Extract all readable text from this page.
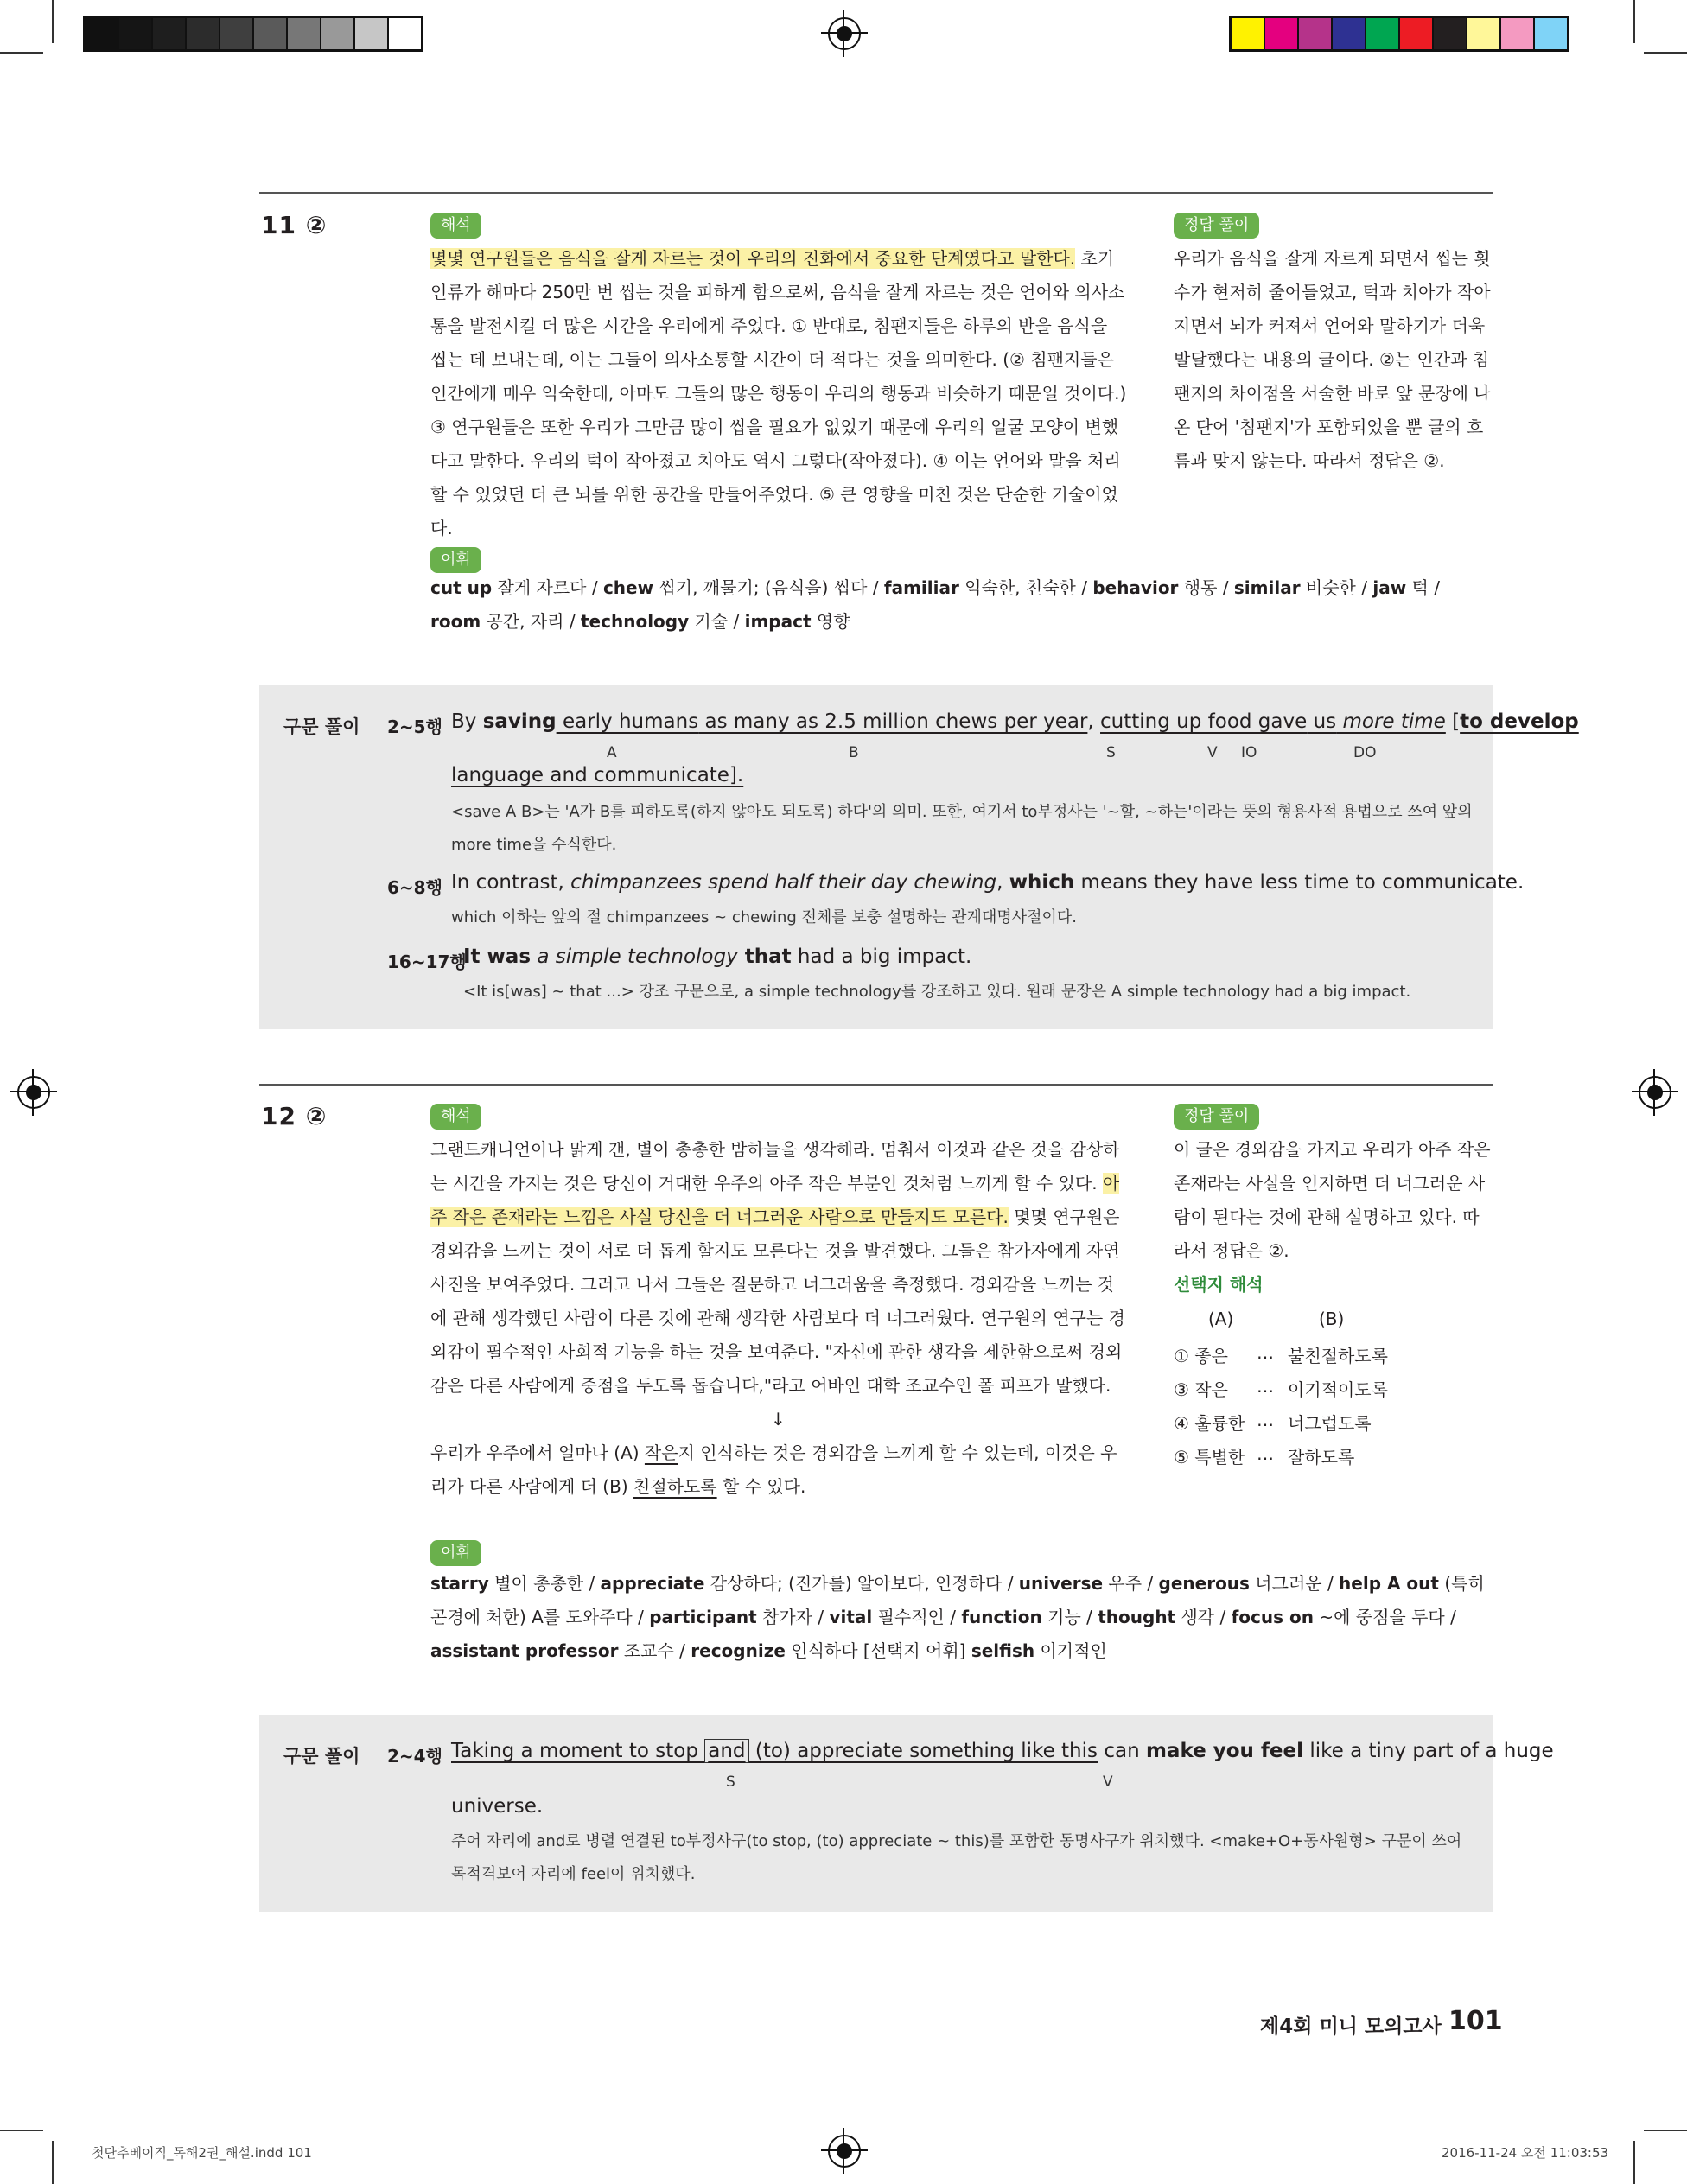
11 ②	해석

몇몇 연구원들은 음식을 잘게 자르는 것이 우리의 진화에서 중요한 단계였다고 말한다. 초기 인류가 해마다 250만 번 씹는 것을 피하게 함으로써, 음식을 잘게 자르는 것은 언어와 의사소통을 발전시킬 더 많은 시간을 우리에게 주었다. ① 반대로, 침팬지들은 하루의 반을 음식을 씹는 데 보내는데, 이는 그들이 의사소통할 시간이 더 적다는 것을 의미한다. (② 침팬지들은 인간에게 매우 익숙한데, 아마도 그들의 많은 행동이 우리의 행동과 비슷하기 때문일 것이다.) ③ 연구원들은 또한 우리가 그만큼 많이 씹을 필요가 없었기 때문에 우리의 얼굴 모양이 변했다고 말한다. 우리의 턱이 작아졌고 치아도 역시 그렇다(작아졌다). ④ 이는 언어와 말을 처리할 수 있었던 더 큰 뇌를 위한 공간을 만들어주었다. ⑤ 큰 영향을 미친 것은 단순한 기술이었다.

정답 풀이
우리가 음식을 잘게 자르게 되면서 씹는 횟수가 현저히 줄어들었고, 턱과 치아가 작아지면서 뇌가 커져서 언어와 말하기가 더욱 발달했다는 내용의 글이다. ②는 인간과 침팬지의 차이점을 서술한 바로 앞 문장에 나온 단어 '침팬지'가 포함되었을 뿐 글의 흐름과 맞지 않는다. 따라서 정답은 ②.
어휘
cut up 잘게 자르다 / chew 씹기, 깨물기; (음식을) 씹다 / familiar 익숙한, 친숙한 / behavior 행동 / similar 비슷한 / jaw 턱 / room 공간, 자리 / technology 기술 / impact 영향
구문 풀이 2~5행 By saving early humans as many as 2.5 million chews per year, cutting up food gave us more time [to develop
A	B	S	V IO	DO
language and communicate].
<save A B>는 'A가 B를 피하도록(하지 않아도 되도록) 하다'의 의미. 또한, 여기서 to부정사는 '~할, ~하는'이라는 뜻의 형용사적 용법으로 쓰여 앞의 more time을 수식한다.
6~8행 In contrast, chimpanzees spend half their day chewing, which means they have less time to communicate.
which 이하는 앞의 절 chimpanzees ~ chewing 전체를 보충 설명하는 관계대명사절이다.
16~17행
It was a simple technology that had a big impact.
<It is[was] ~ that ...> 강조 구문으로, a simple technology를 강조하고 있다. 원래 문장은 A simple technology had a big impact.
12 ②	해석

그랜드캐니언이나 맑게 갠, 별이 총총한 밤하늘을 생각해라. 멈춰서 이것과 같은 것을 감상하는 시간을 가지는 것은 당신이 거대한 우주의 아주 작은 부분인 것처럼 느끼게 할 수 있다. 아주 작은 존재라는 느낌은 사실 당신을 더 너그러운 사람으로 만들지도 모른다. 몇몇 연구원은 경외감을 느끼는 것이 서로 더 돕게 할지도 모른다는 것을 발견했다. 그들은 참가자에게 자연 사진을 보여주었다. 그러고 나서 그들은 질문하고 너그러움을 측정했다. 경외감을 느끼는 것에 관해 생각했던 사람이 다른 것에 관해 생각한 사람보다 더 너그러웠다. 연구원의 연구는 경외감이 필수적인 사회적 기능을 하는 것을 보여준다. "자신에 관한 생각을 제한함으로써 경외감은 다른 사람에게 중점을 두도록 돕습니다,"라고 어바인 대학 조교수인 폴 피프가 말했다.

↓

우리가 우주에서 얼마나 (A) 작은지 인식하는 것은 경외감을 느끼게 할 수 있는데, 이것은 우리가 다른 사람에게 더 (B) 친절하도록 할 수 있다.

정답 풀이
이 글은 경외감을 가지고 우리가 아주 작은 존재라는 사실을 인지하면 더 너그러운 사람이 된다는 것에 관해 설명하고 있다. 따라서 정답은 ②.
선택지 해석
(A)	(B)
① 좋은 … 불친절하도록
③ 작은 … 이기적이도록
④ 훌륭한 … 너그럽도록
⑤ 특별한 … 잘하도록
어휘
starry 별이 총총한 / appreciate 감상하다; (진가를) 알아보다, 인정하다 / universe 우주 / generous 너그러운 / help A out (특히 곤경에 처한) A를 도와주다 / participant 참가자 / vital 필수적인 / function 기능 / thought 생각 / focus on ~에 중점을 두다 / assistant professor 조교수 / recognize 인식하다 [선택지 어휘] selfish 이기적인
구문 풀이 2~4행 Taking a moment to stop and (to) appreciate something like this can make you feel like a tiny part of a huge
S	V
universe.
주어 자리에 and로 병렬 연결된 to부정사구(to stop, (to) appreciate ~ this)를 포함한 동명사구가 위치했다. <make+O+동사원형> 구문이 쓰여 목적격보어 자리에 feel이 위치했다.
제4회 미니 모의고사 101
첫단추베이직_독해2권_해설.indd 101	2016-11-24 오전 11:03:53
